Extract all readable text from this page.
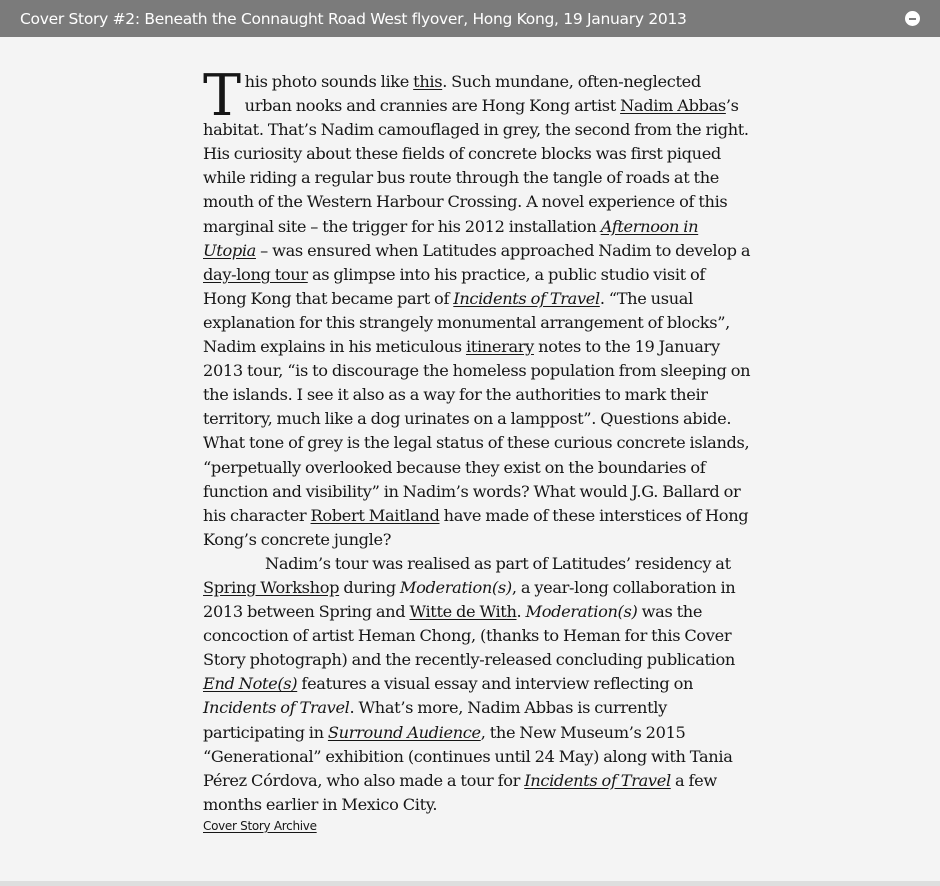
Cover Story #2: Beneath the Connaught Road West flyover, Hong Kong, 19 January 2013

This photo sounds like this. Such mundane, often-neglected urban nooks and crannies are Hong Kong artist Nadim Abbas’s habitat. That’s Nadim camouflaged in grey, the second from the right. His curiosity about these fields of concrete blocks was first piqued while riding a regular bus route through the tangle of roads at the mouth of the Western Harbour Crossing. A novel experience of this marginal site – the trigger for his 2012 installation Afternoon in Utopia – was ensured when Latitudes approached Nadim to develop a day-long tour as glimpse into his practice, a public studio visit of Hong Kong that became part of Incidents of Travel. “The usual explanation for this strangely monumental arrangement of blocks”, Nadim explains in his meticulous itinerary notes to the 19 January 2013 tour, “is to discourage the homeless population from sleeping on the islands. I see it also as a way for the authorities to mark their territory, much like a dog urinates on a lamppost”. Questions abide. What tone of grey is the legal status of these curious concrete islands, “perpetually overlooked because they exist on the boundaries of function and visibility” in Nadim’s words? What would J.G. Ballard or his character Robert Maitland have made of these interstices of Hong Kong’s concrete jungle?

Nadim’s tour was realised as part of Latitudes’ residency at Spring Workshop during Moderation(s), a year-long collaboration in 2013 between Spring and Witte de With. Moderation(s) was the concoction of artist Heman Chong, (thanks to Heman for this Cover Story photograph) and the recently-released concluding publication End Note(s) features a visual essay and interview reflecting on Incidents of Travel. What’s more, Nadim Abbas is currently participating in Surround Audience, the New Museum’s 2015 “Generational” exhibition (continues until 24 May) along with Tania Pérez Córdova, who also made a tour for Incidents of Travel a few months earlier in Mexico City.

Cover Story Archive
